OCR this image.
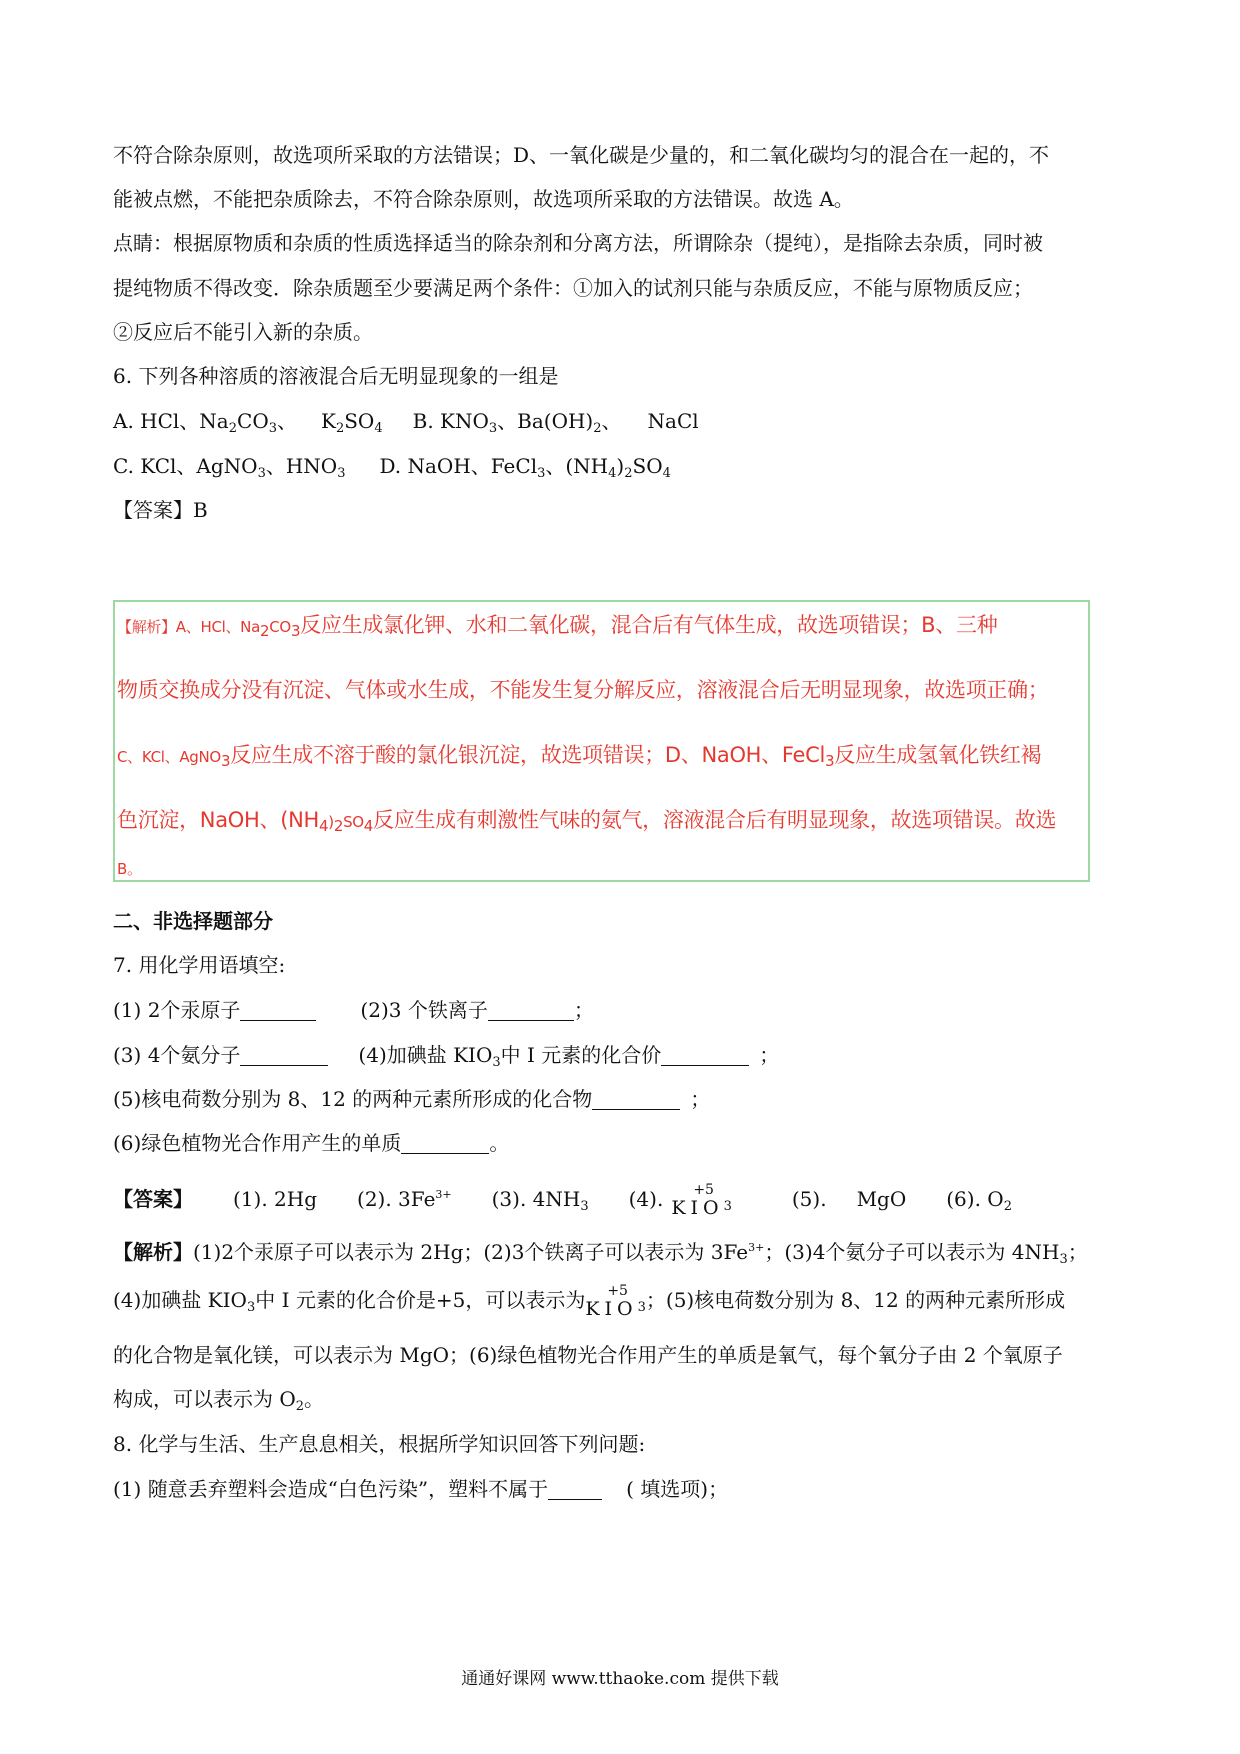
不符合除杂原则，故选项所采取的方法错误；D、一氧化碳是少量的，和二氧化碳均匀的混合在一起的，不
能被点燃，不能把杂质除去，不符合除杂原则，故选项所采取的方法错误。故选 A。
点睛：根据原物质和杂质的性质选择适当的除杂剂和分离方法，所谓除杂（提纯），是指除去杂质，同时被
提纯物质不得改变．除杂质题至少要满足两个条件：①加入的试剂只能与杂质反应，不能与原物质反应；
②反应后不能引入新的杂质。
6. 下列各种溶质的溶液混合后无明显现象的一组是
A. HCl、$Na_2CO_3$、 $K_2SO_4$ B. $KNO_3$、$Ba(OH)_2$、 NaCl
C. KCl、AgNO$_3$、$HNO_3$ D. NaOH、FeCl$_3$、$(NH_4)_2SO_4$
【答案】B
【解析】A、HCl、$Na_2CO_3$反应生成氯化钾、水和二氧化碳，混合后有气体生成，故选项错误；B、三种
物质交换成分没有沉淀、气体或水生成，不能发生复分解反应，溶液混合后无明显现象，故选项正确；
C、KCl、AgNO$_3$反应生成不溶于酸的氯化银沉淀，故选项错误；D、NaOH、FeCl$_3$反应生成氢氧化铁红褐
色沉淀，NaOH、$(NH_4)_2SO_4$反应生成有刺激性气味的氨气，溶液混合后有明显现象，故选项错误。故选
B。
二、非选择题部分
7. 用化学用语填空:
(1) 2个汞原子	(2)3 个铁离子	；
(3) 4个氨分子	(4)加碘盐 $KIO_3$中 I 元素的化合价	；
(5)核电荷数分别为 8、12 的两种元素所形成的化合物	；
(6)绿色植物光合作用产生的单质	。
【答案】 (1). 2Hg (2). $3Fe^{3+}$ (3). $4NH_3$ (4). +5
$KIO_3$	(5). MgO (6). $O_2$
【解析】(1)2个汞原子可以表示为 2Hg；(2)3个铁离子可以表示为 $3Fe^{3+}$；(3)4个氨分子可以表示为 $4NH_3$；
(4)加碘盐 $KIO_3$中 I 元素的化合价是+5，可以表示为 +5
$KIO_3$；(5)核电荷数分别为 8、12 的两种元素所形成
的化合物是氧化镁，可以表示为 MgO；(6)绿色植物光合作用产生的单质是氧气，每个氧分子由 2 个氧原子
构成，可以表示为 $O_2$。
8. 化学与生活、生产息息相关，根据所学知识回答下列问题:
(1) 随意丢弃塑料会造成“白色污染”，塑料不属于	( 填选项)；
通通好课网 www.tthaoke.com 提供下载
